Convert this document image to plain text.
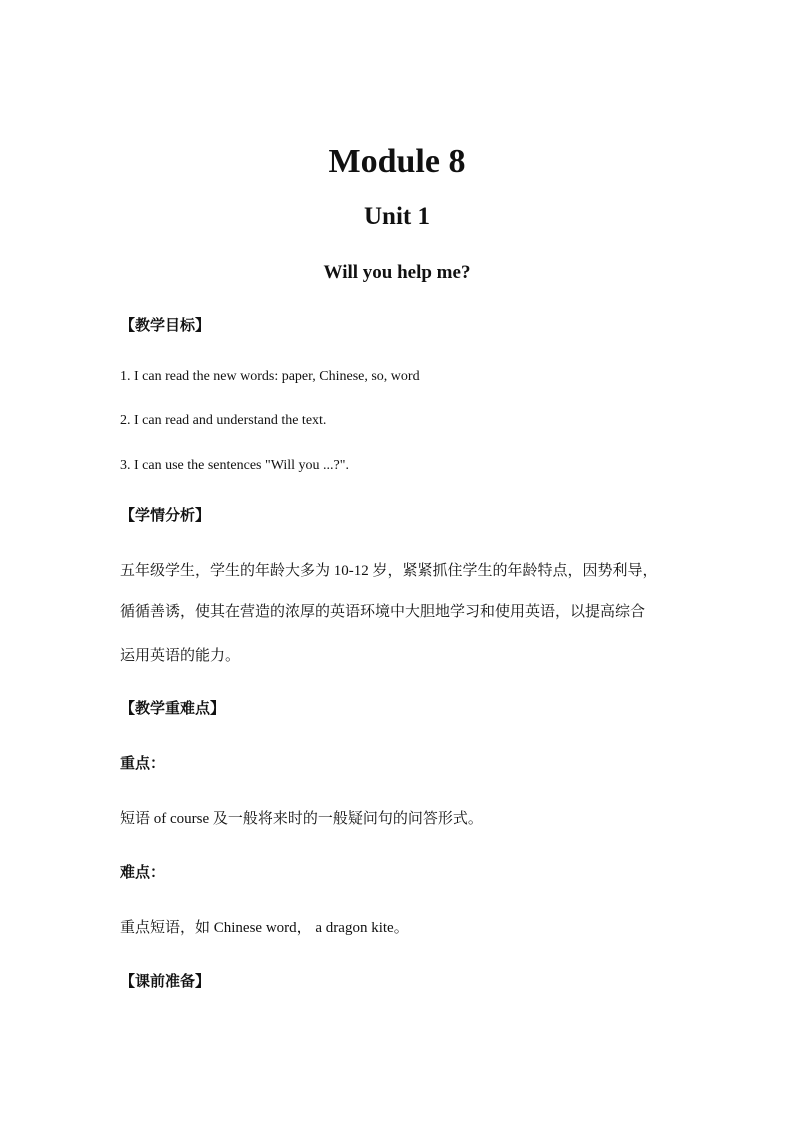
Module 8
Unit 1
Will you help me?
【教学目标】
1. I can read the new words: paper, Chinese, so, word
2. I can read and understand the text.
3. I can use the sentences "Will you ...?".
【学情分析】
五年级学生，学生的年龄大多为 10-12 岁，紧紧抓住学生的年龄特点，因势利导，
循循善诱，使其在营造的浓厚的英语环境中大胆地学习和使用英语，以提高综合
运用英语的能力。
【教学重难点】
重点：
短语 of course 及一般将来时的一般疑问句的问答形式。
难点：
重点短语，如 Chinese word， a dragon kite。
【课前准备】
